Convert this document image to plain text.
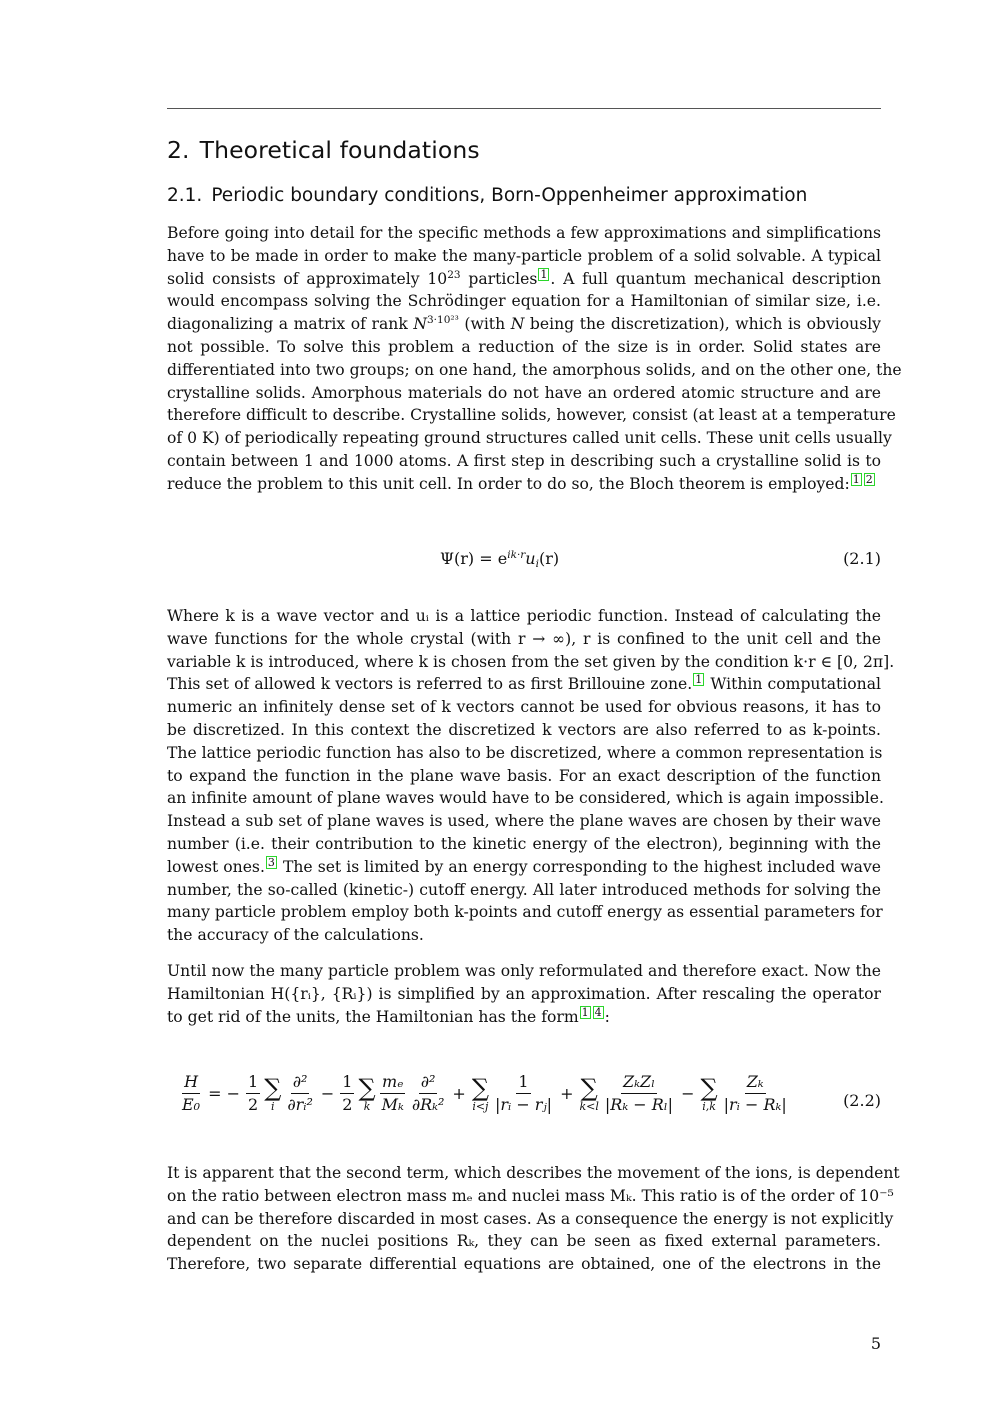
2. Theoretical foundations
2.1. Periodic boundary conditions, Born-Oppenheimer approximation
Before going into detail for the specific methods a few approximations and simplifications
have to be made in order to make the many-particle problem of a solid solvable. A typical
solid consists of approximately $10^{23}$ particles 1 . A full quantum mechanical description
would encompass solving the Schrödinger equation for a Hamiltonian of similar size, i.e.
diagonalizing a matrix of rank $N^{3\cdot 10^{23}}$ (with N being the discretization), which is obviously
not possible. To solve this problem a reduction of the size is in order. Solid states are
differentiated into two groups; on one hand, the amorphous solids, and on the other one, the
crystalline solids. Amorphous materials do not have an ordered atomic structure and are
therefore difficult to describe. Crystalline solids, however, consist (at least at a temperature
of 0 K) of periodically repeating ground structures called unit cells. These unit cells usually
contain between 1 and 1000 atoms. A first step in describing such a crystalline solid is to
reduce the problem to this unit cell. In order to do so, the Bloch theorem is employed: 1 2
$\Psi(r) = e^{ik\cdot r}u_i(r)$	(2.1)
Where k is a wave vector and uᵢ is a lattice periodic function. Instead of calculating the
wave functions for the whole crystal (with r → ∞), r is confined to the unit cell and the
variable k is introduced, where k is chosen from the set given by the condition k·r ∈ [0, 2π].
This set of allowed k vectors is referred to as first Brillouine zone. 1 Within computational
numeric an infinitely dense set of k vectors cannot be used for obvious reasons, it has to
be discretized. In this context the discretized k vectors are also referred to as k-points.
The lattice periodic function has also to be discretized, where a common representation is
to expand the function in the plane wave basis. For an exact description of the function
an infinite amount of plane waves would have to be considered, which is again impossible.
Instead a sub set of plane waves is used, where the plane waves are chosen by their wave
number (i.e. their contribution to the kinetic energy of the electron), beginning with the
lowest ones. 3 The set is limited by an energy corresponding to the highest included wave
number, the so-called (kinetic-) cutoff energy. All later introduced methods for solving the
many particle problem employ both k-points and cutoff energy as essential parameters for
the accuracy of the calculations.
Until now the many particle problem was only reformulated and therefore exact. Now the
Hamiltonian H({rᵢ}, {Rᵢ}) is simplified by an approximation. After rescaling the operator
to get rid of the units, the Hamiltonian has the form 1 4 :
$\frac{H}{\text{E₀}}$ = − $\frac{1}{2}$ ∑
i $\frac{\text{∂²}}{\text{∂rᵢ²}} - \frac{1}{2}$ ∑
k $\frac{\text{mₑ}}{\text{Mₖ}} \frac{\text{∂²}}{\text{∂Rₖ²}}$ + ∑
$i<j \frac{1}{\text{|rᵢ − rⱼ|}}$ + ∑
$k<l \frac{\text{ZₖZₗ}}{\text{|Rₖ − Rₗ|}}$ − ∑
$i,k \frac{\text{Zₖ}}{\text{|rᵢ − Rₖ|}}$	(2.2)
It is apparent that the second term, which describes the movement of the ions, is dependent
on the ratio between electron mass mₑ and nuclei mass Mₖ. This ratio is of the order of 10⁻⁵
and can be therefore discarded in most cases. As a consequence the energy is not explicitly
dependent on the nuclei positions Rₖ, they can be seen as fixed external parameters.
Therefore, two separate differential equations are obtained, one of the electrons in the
5
